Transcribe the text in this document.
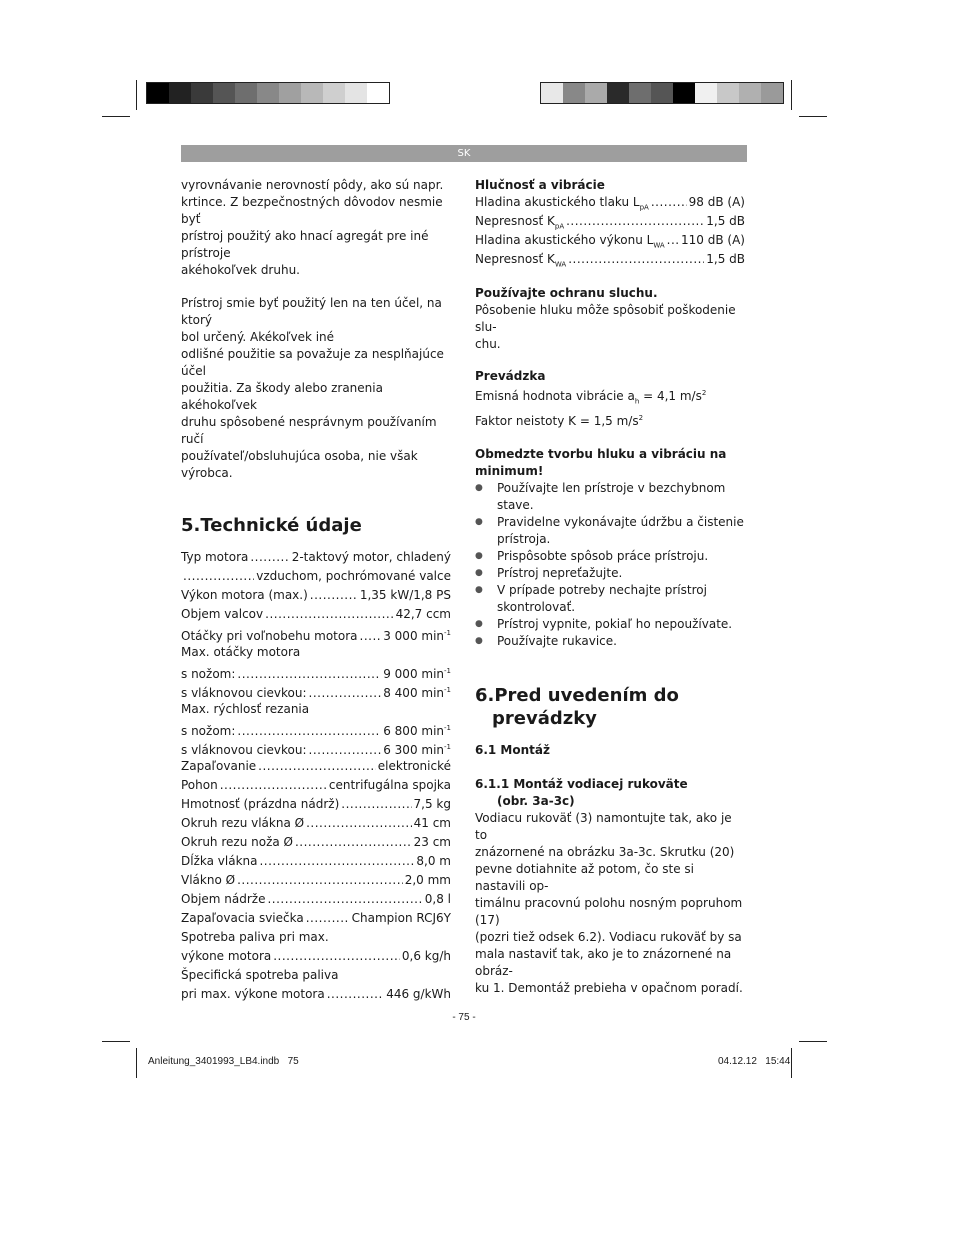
SK
vyrovnávanie nerovností pôdy, ako sú napr.
krtince. Z bezpečnostných dôvodov nesmie byť
prístroj použitý ako hnací agregát pre iné prístroje
akéhokoľvek druhu.
Prístroj smie byť použitý len na ten účel, na ktorý
bol určený. Akékoľvek iné
odlišné použitie sa považuje za nesplňajúce účel
použitia. Za škody alebo zranenia akéhokoľvek
druhu spôsobené nesprávnym používaním ručí
používateľ/obsluhujúca osoba, nie však výrobca.
5.Technické údaje
Typ motora .....	2-taktový motor, chladený
.....
vzduchom, pochrómované valce
Výkon motora (max.) .....	1,35 kW/1,8 PS
Objem valcov .....	42,7 ccm
Otáčky pri voľnobehu motora ..... 3 000 $\min^{-1}$
Max. otáčky motora
s nožom: .....	9 000 $\min^{-1}$
s vláknovou cievkou: .....	8 400 $\min^{-1}$
Max. rýchlosť rezania
s nožom: .....	6 800 $\min^{-1}$
s vláknovou cievkou: .....	6 300 $\min^{-1}$
Zapaľovanie .....	elektronické
Pohon .....	centrifugálna spojka
Hmotnosť (prázdna nádrž) .....	7,5 kg
Okruh rezu vlákna Ø .....	41 cm
Okruh rezu noža Ø .....	23 cm
Dĺžka vlákna .....	8,0 m
Vlákno Ø .....	2,0 mm
Objem nádrže .....	0,8 l
Zapaľovacia sviečka .....	Champion RCJ6Y
Spotreba paliva pri max.
výkone motora .....	0,6 kg/h
Špecifická spotreba paliva
pri max. výkone motora .....	446 g/kWh
Hlučnosť a vibrácie
Hladina akustického tlaku $L_{pA}$ .....	98 dB (A)
Nepresnosť $K_{pA}$ .....	1,5 dB
Hladina akustického výkonu $L_{WA}$ ..... 110 dB (A)
Nepresnosť $K_{WA}$ .....	1,5 dB
Používajte ochranu sluchu.
Pôsobenie hluku môže spôsobiť poškodenie slu-
chu.
Prevádzka
Emisná hodnota vibrácie $a_h = 4,1$ $m/s^2$
Faktor neistoty K = 1,5 $m/s^2$
Obmedzte tvorbu hluku a vibráciu na
minimum!
●	Používajte len prístroje v bezchybnom stave.
●	Pravidelne vykonávajte údržbu a čistenie
prístroja.
●	Prispôsobte spôsob práce prístroju.
●	Prístroj nepreťažujte.
●	V prípade potreby nechajte prístroj
skontrolovať.
●	Prístroj vypnite, pokiaľ ho nepoužívate.
●	Používajte rukavice.
6.Pred uvedením do
prevádzky
6.1 Montáž
6.1.1 Montáž vodiacej rukoväte
(obr. 3a-3c)
Vodiacu rukoväť (3) namontujte tak, ako je to
znázornené na obrázku 3a-3c. Skrutku (20)
pevne dotiahnite až potom, čo ste si nastavili op-
timálnu pracovnú polohu nosným popruhom (17)
(pozri tiež odsek 6.2). Vodiacu rukoväť by sa
mala nastaviť tak, ako je to znázornené na obráz-
ku 1. Demontáž prebieha v opačnom poradí.
- 75 -
Anleitung_3401993_LB4.indb   75	04.12.12   15:44
